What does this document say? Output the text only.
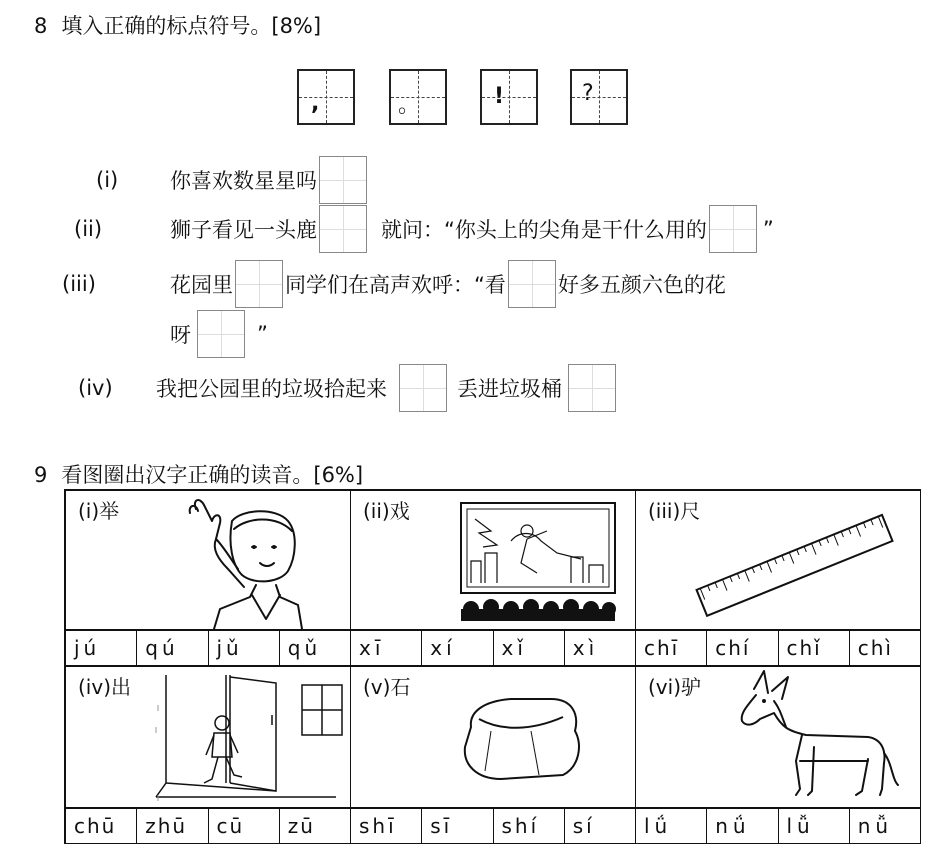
8 填入正确的标点符号。[8%]
,	。	!	?
(i)	你喜欢数星星吗
(ii)	狮子看见一头鹿	就问：“你头上的尖角是干什么用的	”
(iii)	花园里 同学们在高声欢呼：“看 好多五颜六色的花
呀	”
(iv)	我把公园里的垃圾拾起来	丢进垃圾桶
9 看图圈出汉字正确的读音。[6%]
(i)举	(ii)戏	(iii)尺
jú	qú	jǔ	qǔ	xī	xí	xǐ	xì	chī	chí	chǐ	chì
(iv)出	(v)石	(vi)驴
chū	zhū	cū	zū	shī	sī	shí	sí	lǘ	nǘ	lǚ	nǚ
